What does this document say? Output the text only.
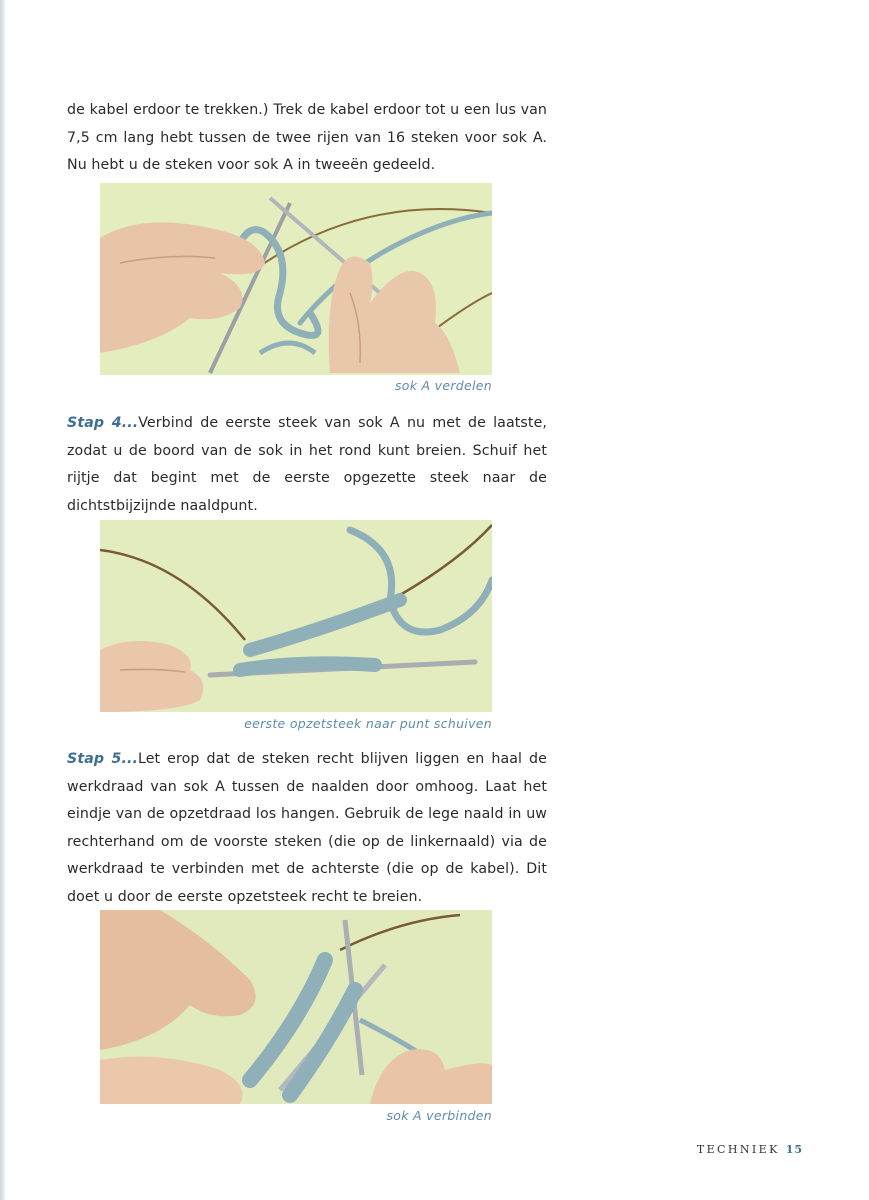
de kabel erdoor te trekken.) Trek de kabel erdoor tot u een lus van 7,5 cm lang hebt tussen de twee rijen van 16 steken voor sok A. Nu hebt u de steken voor sok A in tweeën gedeeld.
sok A verdelen
Stap 4...Verbind de eerste steek van sok A nu met de laatste, zodat u de boord van de sok in het rond kunt breien. Schuif het rijtje dat begint met de eerste opgezette steek naar de dichtstbijzijnde naaldpunt.
eerste opzetsteek naar punt schuiven
Stap 5...Let erop dat de steken recht blijven liggen en haal de werkdraad van sok A tussen de naalden door omhoog. Laat het eindje van de opzetdraad los hangen. Gebruik de lege naald in uw rechterhand om de voorste steken (die op de linkernaald) via de werkdraad te verbinden met de achterste (die op de kabel). Dit doet u door de eerste opzetsteek recht te breien.
sok A verbinden
TECHNIEK 15
